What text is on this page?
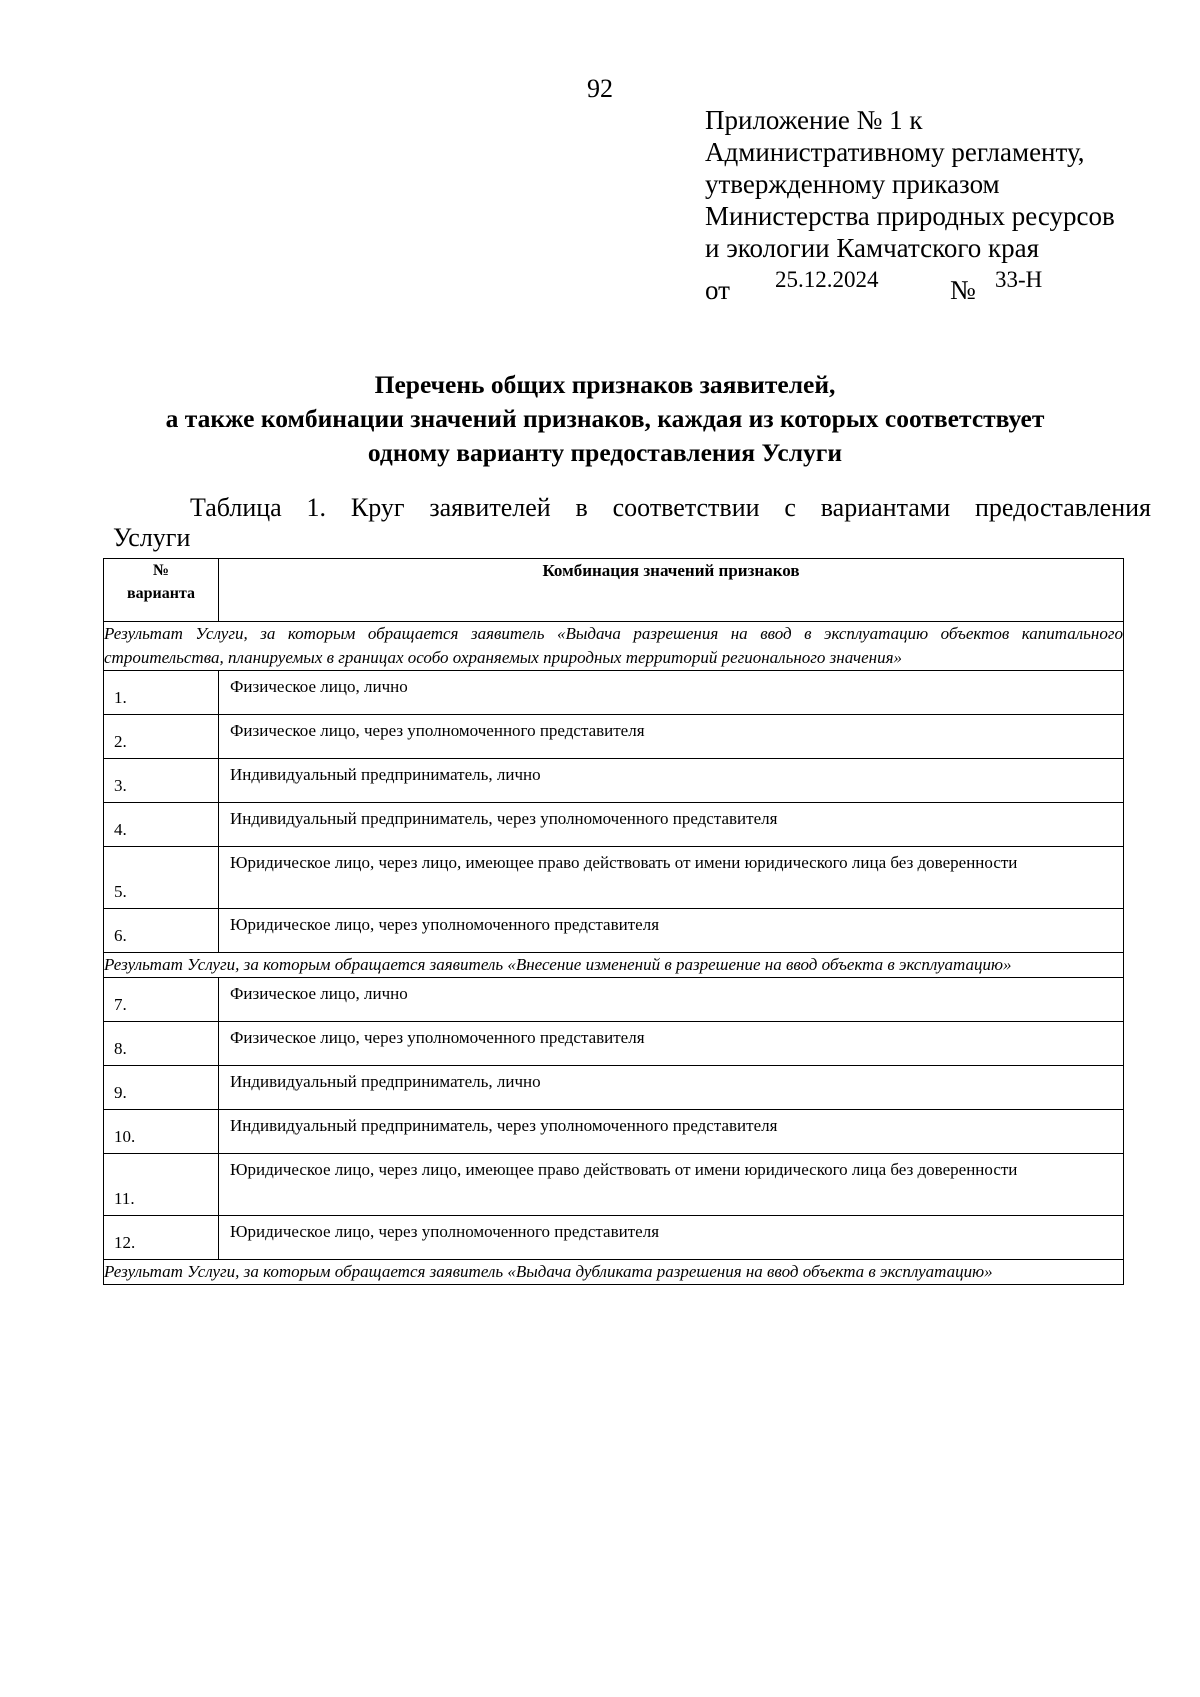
92
Приложение № 1 к
Административному регламенту,
утвержденному приказом
Министерства природных ресурсов
и экологии Камчатского края
от 25.12.2024	№ 33-Н
Перечень общих признаков заявителей,
а также комбинации значений признаков, каждая из которых соответствует
одному варианту предоставления Услуги

Таблица 1. Круг заявителей в соответствии с вариантами предоставления

Услуги

№
варианта	Комбинация значений признаков
Результат Услуги, за которым обращается заявитель «Выдача разрешения на ввод в эксплуатацию объектов капитального строительства, планируемых в границах особо охраняемых природных территорий регионального значения»	
1.	Физическое лицо, лично
2.	Физическое лицо, через уполномоченного представителя
3.	Индивидуальный предприниматель, лично
4.	Индивидуальный предприниматель, через уполномоченного представителя
5.	Юридическое лицо, через лицо, имеющее право действовать от имени юридического лица без доверенности
6.	Юридическое лицо, через уполномоченного представителя
Результат Услуги, за которым обращается заявитель «Внесение изменений в разрешение на ввод объекта в эксплуатацию»	
7.	Физическое лицо, лично
8.	Физическое лицо, через уполномоченного представителя
9.	Индивидуальный предприниматель, лично
10.	Индивидуальный предприниматель, через уполномоченного представителя
11.	Юридическое лицо, через лицо, имеющее право действовать от имени юридического лица без доверенности
12.	Юридическое лицо, через уполномоченного представителя
Результат Услуги, за которым обращается заявитель «Выдача дубликата разрешения на ввод объекта в эксплуатацию»	
